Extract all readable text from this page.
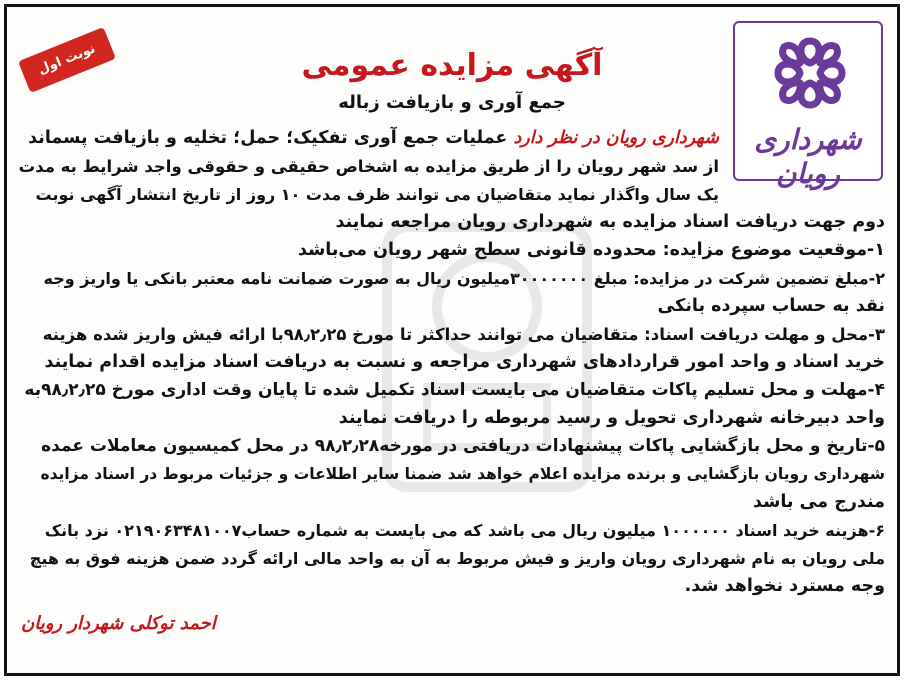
شهرداری رویان
نوبت اول	آگهی مزایده عمومی
جمع آوری و بازیافت زباله
شهرداری رویان در نظر دارد عملیات جمع آوری تفکیک؛ حمل؛ تخلیه و بازیافت پسماند
از سد شهر رویان را از طریق مزایده به اشخاص حقیقی و حقوقی واجد شرایط به مدت
یک سال واگذار نماید متقاضیان می توانند ظرف مدت ۱۰ روز از تاریخ انتشار آگهی نوبت
دوم جهت دریافت اسناد مزایده به شهرداری رویان مراجعه نمایند
۱-موقعیت موضوع مزایده: محدوده قانونی سطح شهر رویان می‌باشد
۲-مبلغ تضمین شرکت در مزایده: مبلغ ۳۰۰۰۰۰۰۰میلیون ریال به صورت ضمانت نامه معتبر بانکی یا واریز وجه
نقد به حساب سپرده بانکی
۳-محل و مهلت دریافت اسناد: متقاضیان می توانند حداکثر تا مورخ ۹۸٫۲٫۲۵با ارائه فیش واریز شده هزینه
خرید اسناد و واحد امور قراردادهای شهرداری مراجعه و نسبت به دریافت اسناد مزایده اقدام نمایند
۴-مهلت و محل تسلیم پاکات متقاضیان می بایست اسناد تکمیل شده تا پایان وقت اداری مورخ ۹۸٫۲٫۲۵به
واحد دبیرخانه شهرداری تحویل و رسید مربوطه را دریافت نمایند
۵-تاریخ و محل بازگشایی پاکات پیشنهادات دریافتی در مورخه۹۸٫۲٫۲۸ در محل کمیسیون معاملات عمده
شهرداری رویان بازگشایی و برنده مزایده اعلام خواهد شد ضمنا سایر اطلاعات و جزئیات مربوط در اسناد مزایده
مندرج می باشد
۶-هزینه خرید اسناد ۱۰۰۰۰۰۰ میلیون ریال می باشد که می بایست به شماره حساب۰۲۱۹۰۶۳۴۸۱۰۰۷ نزد بانک
ملی رویان به نام شهرداری رویان واریز و فیش مربوط به آن به واحد مالی ارائه گردد ضمن هزینه فوق به هیچ
وجه مسترد نخواهد شد.
احمد توکلی شهردار رویان
